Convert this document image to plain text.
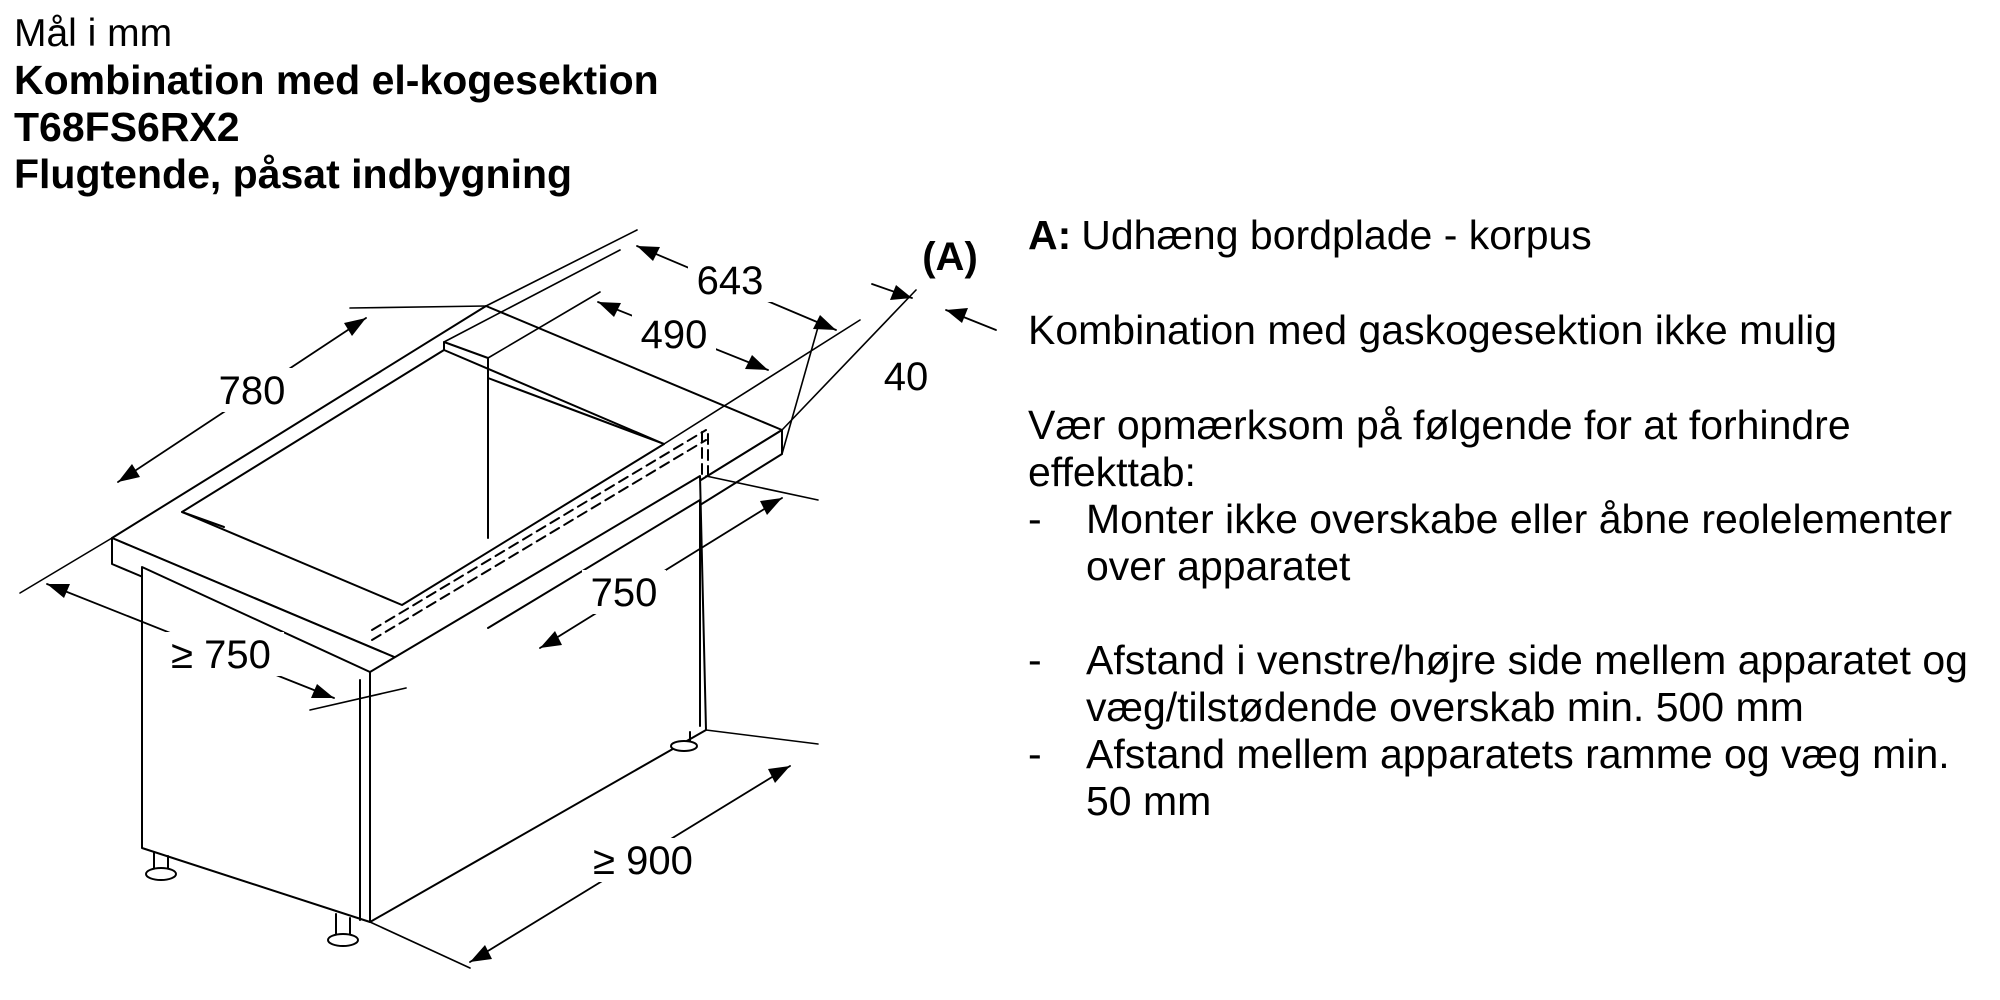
Mål i mm
Kombination med el-kogesektion
T68FS6RX2
Flugtende, påsat indbygning
643
490
40
780
750
≥ 750
≥ 900
(A) A: Udhæng bordplade - korpus

Kombination med gaskogesektion ikke mulig

Vær opmærksom på følgende for at forhindre effekttab:

-	Monter ikke overskabe eller åbne reolelementer over apparatet
-	Afstand i venstre/højre side mellem apparatet og væg/tilstødende overskab min. 500 mm
-	Afstand mellem apparatets ramme og væg min. 50 mm
